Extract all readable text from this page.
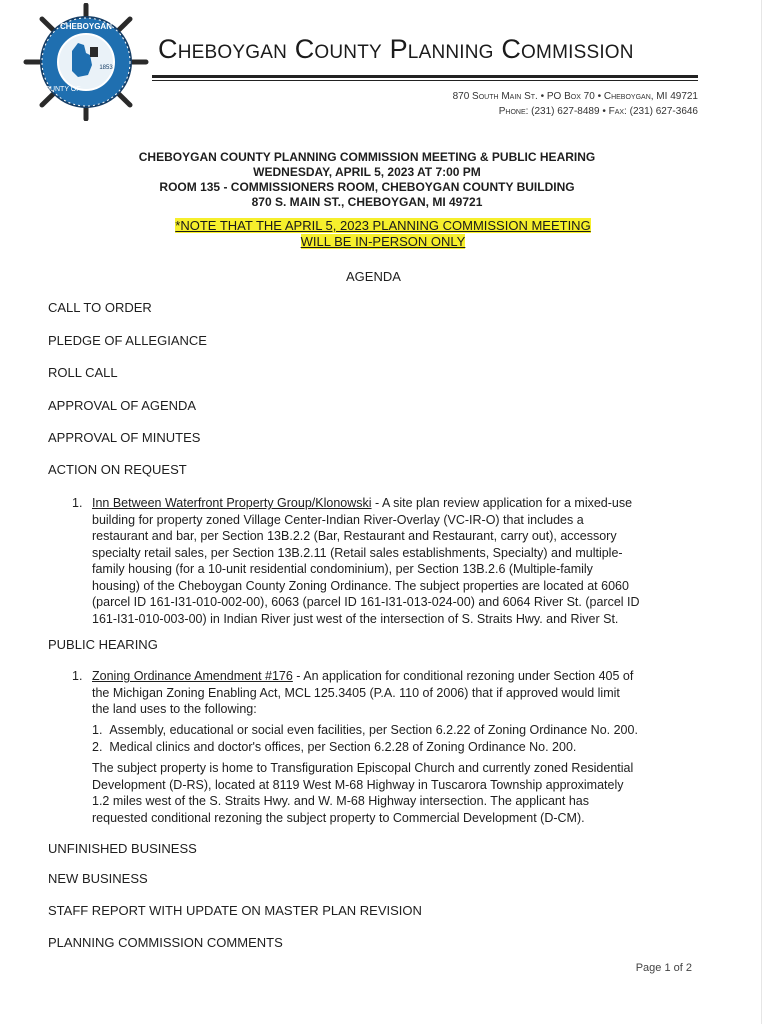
CHEBOYGAN
COUNTY OF
1853
Cheboygan County Planning Commission
870 South Main St. • PO Box 70 • Cheboygan, MI 49721
Phone: (231) 627-8489 • Fax: (231) 627-3646
CHEBOYGAN COUNTY PLANNING COMMISSION MEETING & PUBLIC HEARING
WEDNESDAY, APRIL 5, 2023 AT 7:00 PM
ROOM 135 - COMMISSIONERS ROOM, CHEBOYGAN COUNTY BUILDING
870 S. MAIN ST., CHEBOYGAN, MI 49721
*NOTE THAT THE APRIL 5, 2023 PLANNING COMMISSION MEETING
WILL BE IN-PERSON ONLY
AGENDA
CALL TO ORDER
PLEDGE OF ALLEGIANCE
ROLL CALL
APPROVAL OF AGENDA
APPROVAL OF MINUTES
ACTION ON REQUEST
1. Inn Between Waterfront Property Group/Klonowski - A site plan review application for a mixed-use
building for property zoned Village Center-Indian River-Overlay (VC-IR-O) that includes a
restaurant and bar, per Section 13B.2.2 (Bar, Restaurant and Restaurant, carry out), accessory
specialty retail sales, per Section 13B.2.11 (Retail sales establishments, Specialty) and multiple-
family housing (for a 10-unit residential condominium), per Section 13B.2.6 (Multiple-family
housing) of the Cheboygan County Zoning Ordinance. The subject properties are located at 6060
(parcel ID 161-I31-010-002-00), 6063 (parcel ID 161-I31-013-024-00) and 6064 River St. (parcel ID
161-I31-010-003-00) in Indian River just west of the intersection of S. Straits Hwy. and River St.
PUBLIC HEARING
1. Zoning Ordinance Amendment #176 - An application for conditional rezoning under Section 405 of
the Michigan Zoning Enabling Act, MCL 125.3405 (P.A. 110 of 2006) that if approved would limit
the land uses to the following:
1. Assembly, educational or social even facilities, per Section 6.2.22 of Zoning Ordinance No. 200.
2. Medical clinics and doctor's offices, per Section 6.2.28 of Zoning Ordinance No. 200.
The subject property is home to Transfiguration Episcopal Church and currently zoned Residential
Development (D-RS), located at 8119 West M-68 Highway in Tuscarora Township approximately
1.2 miles west of the S. Straits Hwy. and W. M-68 Highway intersection. The applicant has
requested conditional rezoning the subject property to Commercial Development (D-CM).
UNFINISHED BUSINESS
NEW BUSINESS
STAFF REPORT WITH UPDATE ON MASTER PLAN REVISION
PLANNING COMMISSION COMMENTS
Page 1 of 2
